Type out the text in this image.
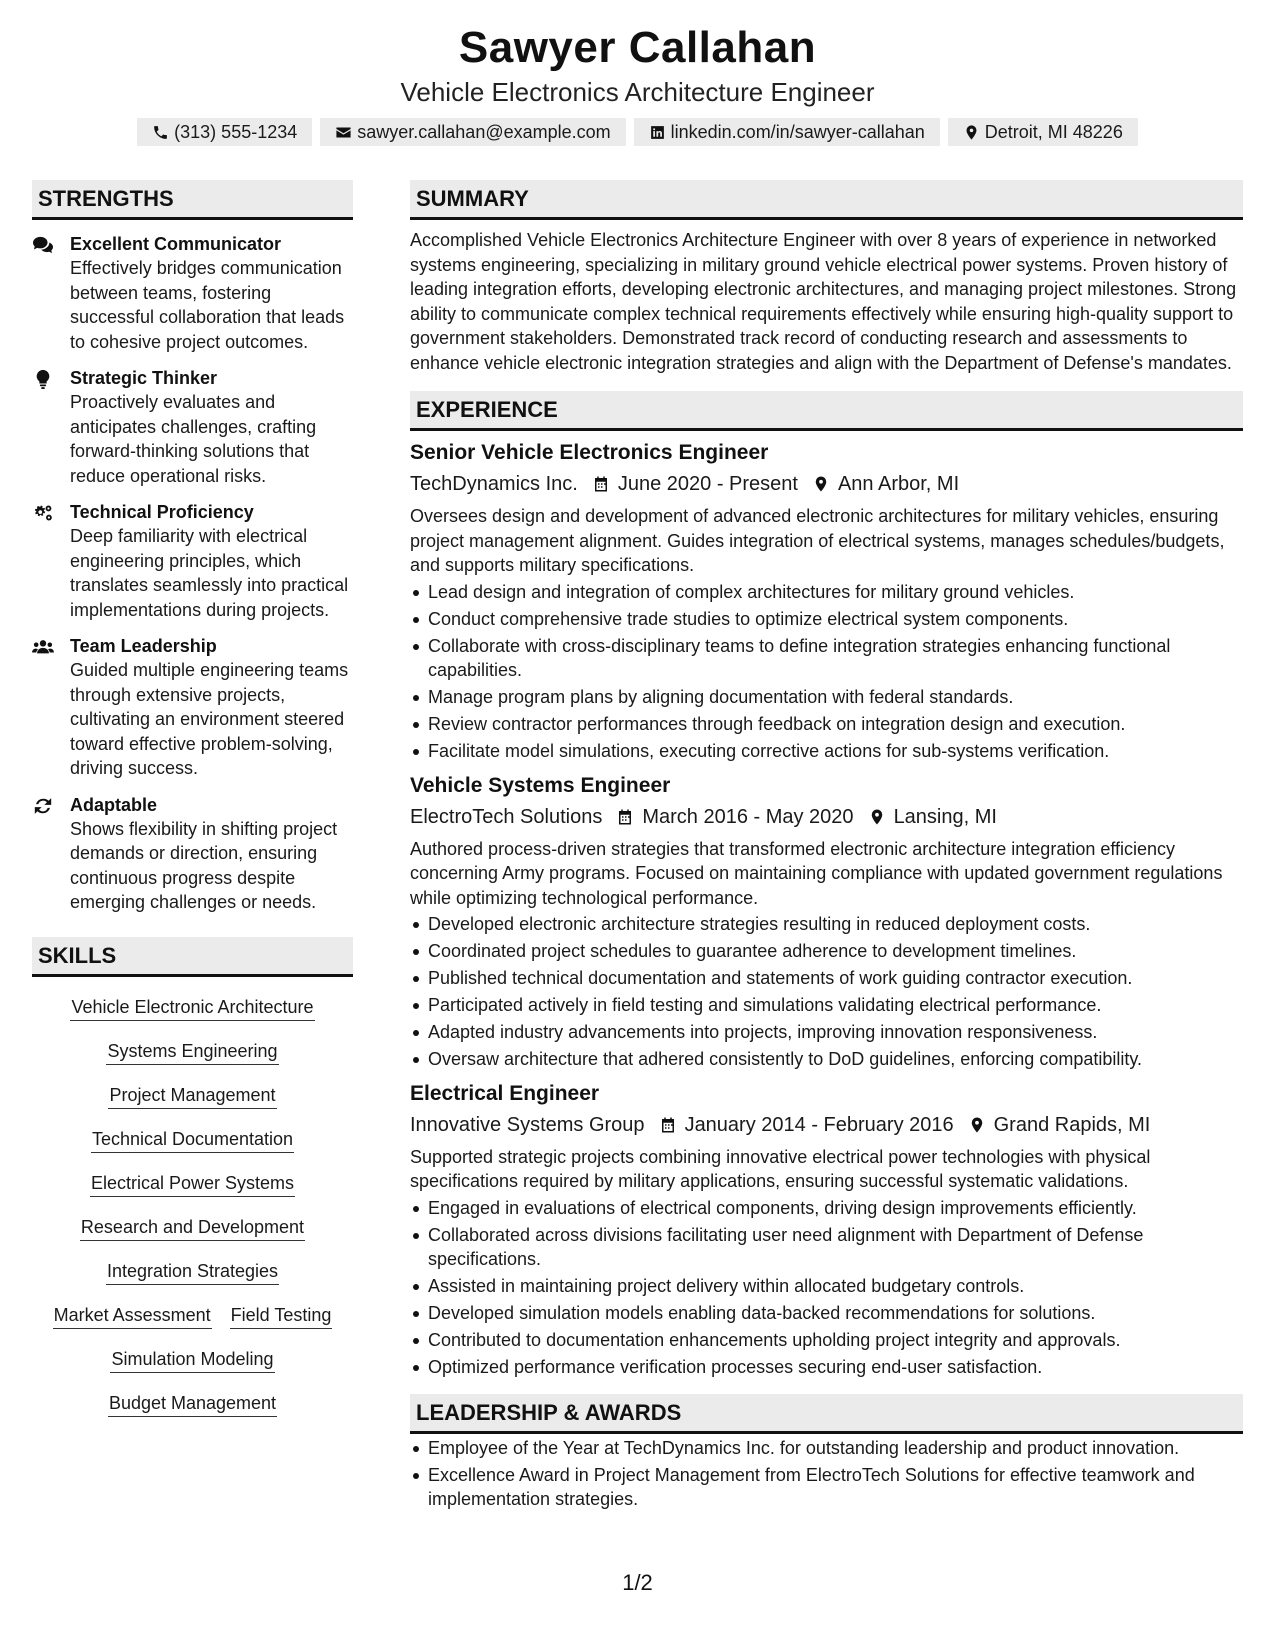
Sawyer Callahan
Vehicle Electronics Architecture Engineer
(313) 555-1234	sawyer.callahan@example.com	linkedin.com/in/sawyer-callahan	Detroit, MI 48226
STRENGTHS
Excellent Communicator
Effectively bridges communication between teams, fostering successful collaboration that leads to cohesive project outcomes.
Strategic Thinker
Proactively evaluates and anticipates challenges, crafting forward-thinking solutions that reduce operational risks.
Technical Proficiency
Deep familiarity with electrical engineering principles, which translates seamlessly into practical implementations during projects.
Team Leadership
Guided multiple engineering teams through extensive projects, cultivating an environment steered toward effective problem-solving, driving success.
Adaptable
Shows flexibility in shifting project demands or direction, ensuring continuous progress despite emerging challenges or needs.
SKILLS
Vehicle Electronic Architecture
Systems Engineering
Project Management
Technical Documentation
Electrical Power Systems
Research and Development
Integration Strategies
Market Assessment Field Testing
Simulation Modeling
Budget Management
SUMMARY
Accomplished Vehicle Electronics Architecture Engineer with over 8 years of experience in networked systems engineering, specializing in military ground vehicle electrical power systems. Proven history of leading integration efforts, developing electronic architectures, and managing project milestones. Strong ability to communicate complex technical requirements effectively while ensuring high-quality support to government stakeholders. Demonstrated track record of conducting research and assessments to enhance vehicle electronic integration strategies and align with the Department of Defense's mandates.
EXPERIENCE
Senior Vehicle Electronics Engineer
TechDynamics Inc. June 2020 - Present Ann Arbor, MI
Oversees design and development of advanced electronic architectures for military vehicles, ensuring project management alignment. Guides integration of electrical systems, manages schedules/budgets, and supports military specifications.
Lead design and integration of complex architectures for military ground vehicles.
Conduct comprehensive trade studies to optimize electrical system components.
Collaborate with cross-disciplinary teams to define integration strategies enhancing functional capabilities.
Manage program plans by aligning documentation with federal standards.
Review contractor performances through feedback on integration design and execution.
Facilitate model simulations, executing corrective actions for sub-systems verification.
Vehicle Systems Engineer
ElectroTech Solutions March 2016 - May 2020 Lansing, MI
Authored process-driven strategies that transformed electronic architecture integration efficiency concerning Army programs. Focused on maintaining compliance with updated government regulations while optimizing technological performance.
Developed electronic architecture strategies resulting in reduced deployment costs.
Coordinated project schedules to guarantee adherence to development timelines.
Published technical documentation and statements of work guiding contractor execution.
Participated actively in field testing and simulations validating electrical performance.
Adapted industry advancements into projects, improving innovation responsiveness.
Oversaw architecture that adhered consistently to DoD guidelines, enforcing compatibility.
Electrical Engineer
Innovative Systems Group January 2014 - February 2016 Grand Rapids, MI
Supported strategic projects combining innovative electrical power technologies with physical specifications required by military applications, ensuring successful systematic validations.
Engaged in evaluations of electrical components, driving design improvements efficiently.
Collaborated across divisions facilitating user need alignment with Department of Defense specifications.
Assisted in maintaining project delivery within allocated budgetary controls.
Developed simulation models enabling data-backed recommendations for solutions.
Contributed to documentation enhancements upholding project integrity and approvals.
Optimized performance verification processes securing end-user satisfaction.
LEADERSHIP & AWARDS
Employee of the Year at TechDynamics Inc. for outstanding leadership and product innovation.
Excellence Award in Project Management from ElectroTech Solutions for effective teamwork and implementation strategies.
1/2
